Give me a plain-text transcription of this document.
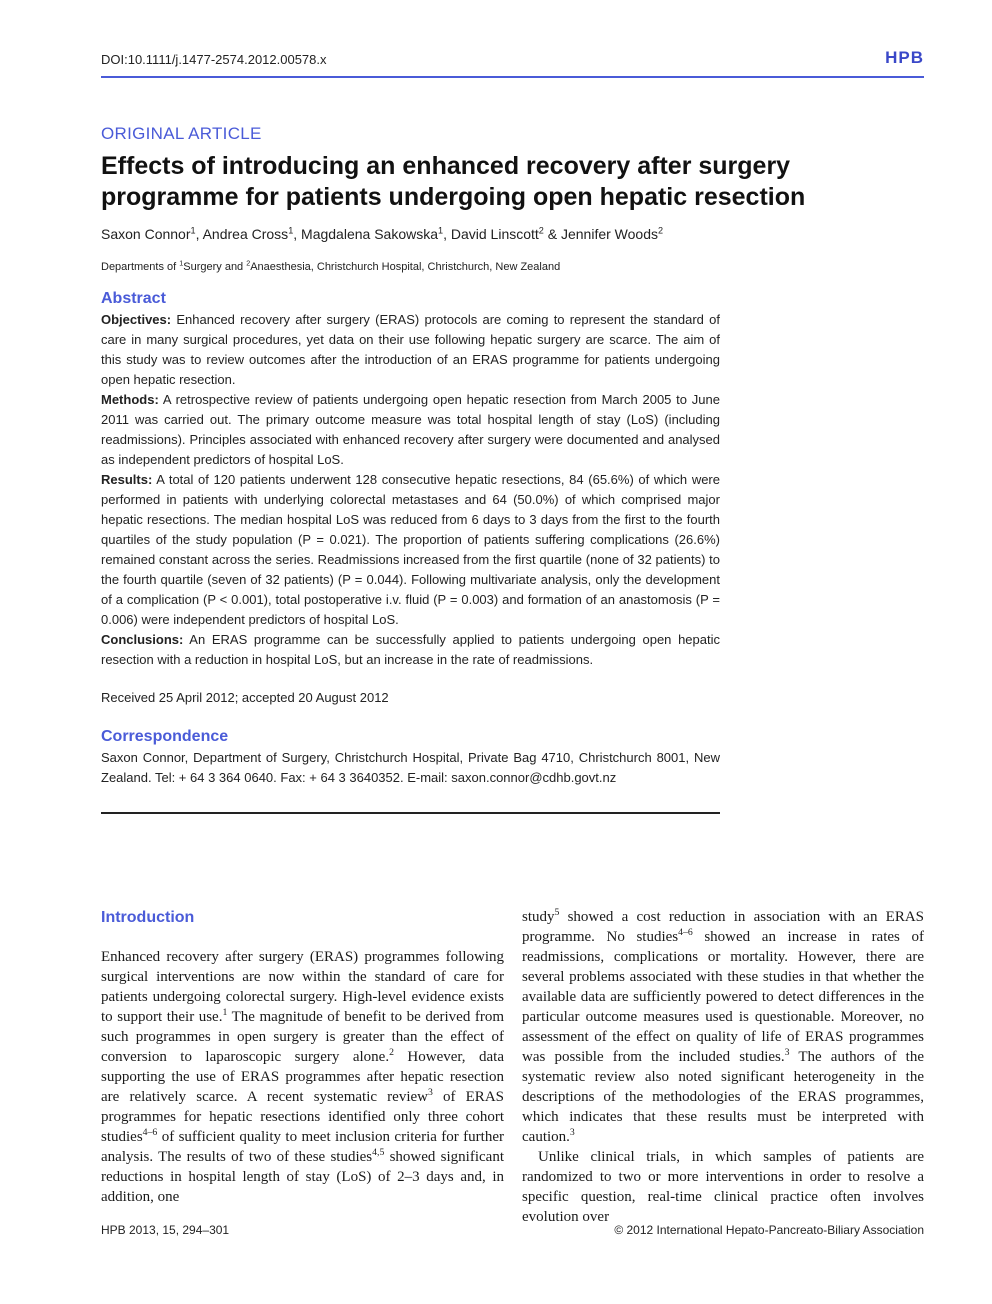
DOI:10.1111/j.1477-2574.2012.00578.x	HPB
ORIGINAL ARTICLE
Effects of introducing an enhanced recovery after surgery programme for patients undergoing open hepatic resection
Saxon Connor$^1$, Andrea Cross$^1$, Magdalena Sakowska$^1$, David Linscott$^2$ & Jennifer Woods$^2$
Departments of $^1$Surgery and $^2$Anaesthesia, Christchurch Hospital, Christchurch, New Zealand
Abstract

Objectives: Enhanced recovery after surgery (ERAS) protocols are coming to represent the standard of care in many surgical procedures, yet data on their use following hepatic surgery are scarce. The aim of this study was to review outcomes after the introduction of an ERAS programme for patients undergoing open hepatic resection.

Methods: A retrospective review of patients undergoing open hepatic resection from March 2005 to June 2011 was carried out. The primary outcome measure was total hospital length of stay (LoS) (including readmissions). Principles associated with enhanced recovery after surgery were documented and analysed as independent predictors of hospital LoS.

Results: A total of 120 patients underwent 128 consecutive hepatic resections, 84 (65.6%) of which were performed in patients with underlying colorectal metastases and 64 (50.0%) of which comprised major hepatic resections. The median hospital LoS was reduced from 6 days to 3 days from the first to the fourth quartiles of the study population (P = 0.021). The proportion of patients suffering complications (26.6%) remained constant across the series. Readmissions increased from the first quartile (none of 32 patients) to the fourth quartile (seven of 32 patients) (P = 0.044). Following multivariate analysis, only the development of a complication (P < 0.001), total postoperative i.v. fluid (P = 0.003) and formation of an anastomosis (P = 0.006) were independent predictors of hospital LoS.

Conclusions: An ERAS programme can be successfully applied to patients undergoing open hepatic resection with a reduction in hospital LoS, but an increase in the rate of readmissions.

Received 25 April 2012; accepted 20 August 2012
Correspondence
Saxon Connor, Department of Surgery, Christchurch Hospital, Private Bag 4710, Christchurch 8001, New Zealand. Tel: + 64 3 364 0640. Fax: + 64 3 3640352. E-mail: saxon.connor@cdhb.govt.nz
Introduction

Enhanced recovery after surgery (ERAS) programmes following surgical interventions are now within the standard of care for patients undergoing colorectal surgery. High-level evidence exists to support their use.$^1$ The magnitude of benefit to be derived from such programmes in open surgery is greater than the effect of conversion to laparoscopic surgery alone.$^2$ However, data supporting the use of ERAS programmes after hepatic resection are relatively scarce. A recent systematic review$^3$ of ERAS programmes for hepatic resections identified only three cohort studies$^{4-6}$ of sufficient quality to meet inclusion criteria for further analysis. The results of two of these studies$^{4,5}$ showed significant reductions in hospital length of stay (LoS) of 2–3 days and, in addition, one

study$^5$ showed a cost reduction in association with an ERAS programme. No studies$^{4-6}$ showed an increase in rates of readmissions, complications or mortality. However, there are several problems associated with these studies in that whether the available data are sufficiently powered to detect differences in the particular outcome measures used is questionable. Moreover, no assessment of the effect on quality of life of ERAS programmes was possible from the included studies.$^3$ The authors of the systematic review also noted significant heterogeneity in the descriptions of the methodologies of the ERAS programmes, which indicates that these results must be interpreted with caution.$^3$

Unlike clinical trials, in which samples of patients are randomized to two or more interventions in order to resolve a specific question, real-time clinical practice often involves evolution over

HPB 2013, 15, 294–301	© 2012 International Hepato-Pancreato-Biliary Association
